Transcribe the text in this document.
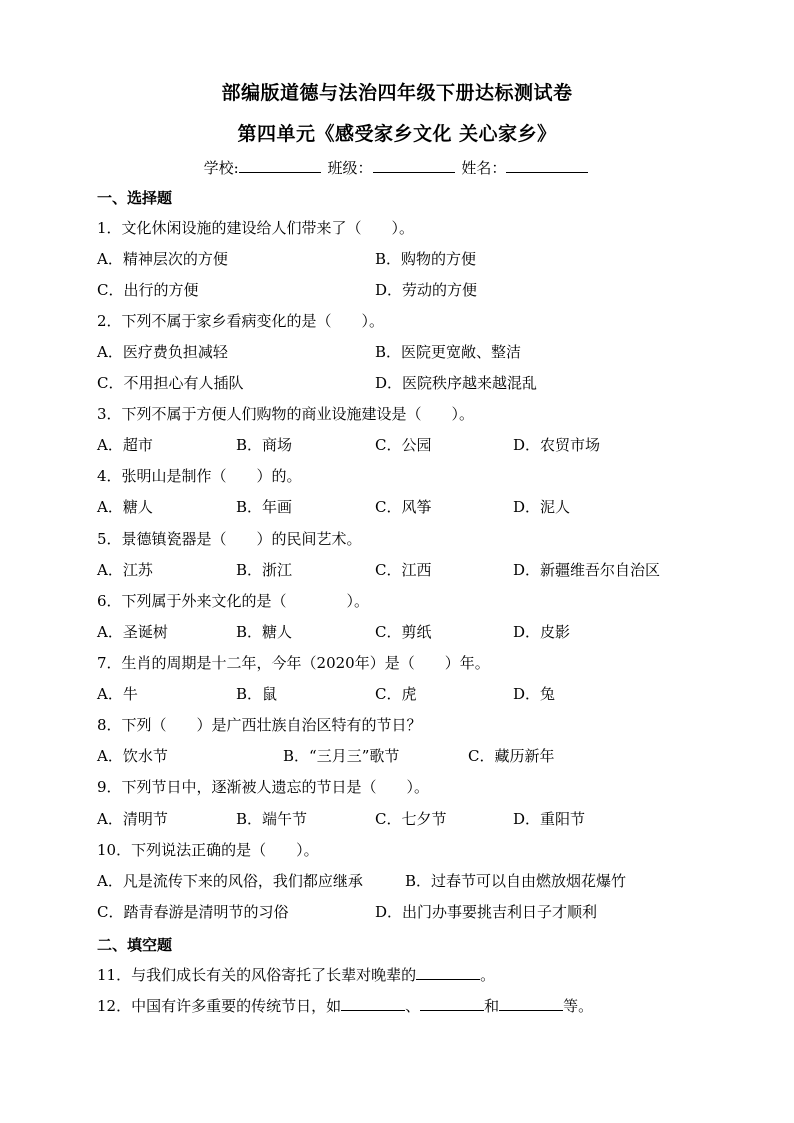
部编版道德与法治四年级下册达标测试卷
第四单元《感受家乡文化 关心家乡》
学校:	班级：	姓名：
一、选择题
1．文化休闲设施的建设给人们带来了（　　）。
A．精神层次的方便	B．购物的方便
C．出行的方便	D．劳动的方便
2．下列不属于家乡看病变化的是（　　）。
A．医疗费负担减轻	B．医院更宽敞、整洁
C．不用担心有人插队	D．医院秩序越来越混乱
3．下列不属于方便人们购物的商业设施建设是（　　）。
A．超市	B．商场	C．公园	D．农贸市场
4．张明山是制作（　　）的。
A．糖人	B．年画	C．风筝	D．泥人
5．景德镇瓷器是（　　）的民间艺术。
A．江苏	B．浙江	C．江西	D．新疆维吾尔自治区
6．下列属于外来文化的是（　　　　）。
A．圣诞树	B．糖人	C．剪纸	D．皮影
7．生肖的周期是十二年，今年（2020年）是（　　）年。
A．牛	B．鼠	C．虎	D．兔
8．下列（　　）是广西壮族自治区特有的节日？
A．饮水节	B．“三月三”歌节	C．藏历新年
9．下列节日中，逐渐被人遗忘的节日是（　　）。
A．清明节	B．端午节	C．七夕节	D．重阳节
10．下列说法正确的是（　　）。
A．凡是流传下来的风俗，我们都应继承	B．过春节可以自由燃放烟花爆竹
C．踏青春游是清明节的习俗	D．出门办事要挑吉利日子才顺利
二、填空题
11．与我们成长有关的风俗寄托了长辈对晚辈的	。
12．中国有许多重要的传统节日，如	、	和	等。
